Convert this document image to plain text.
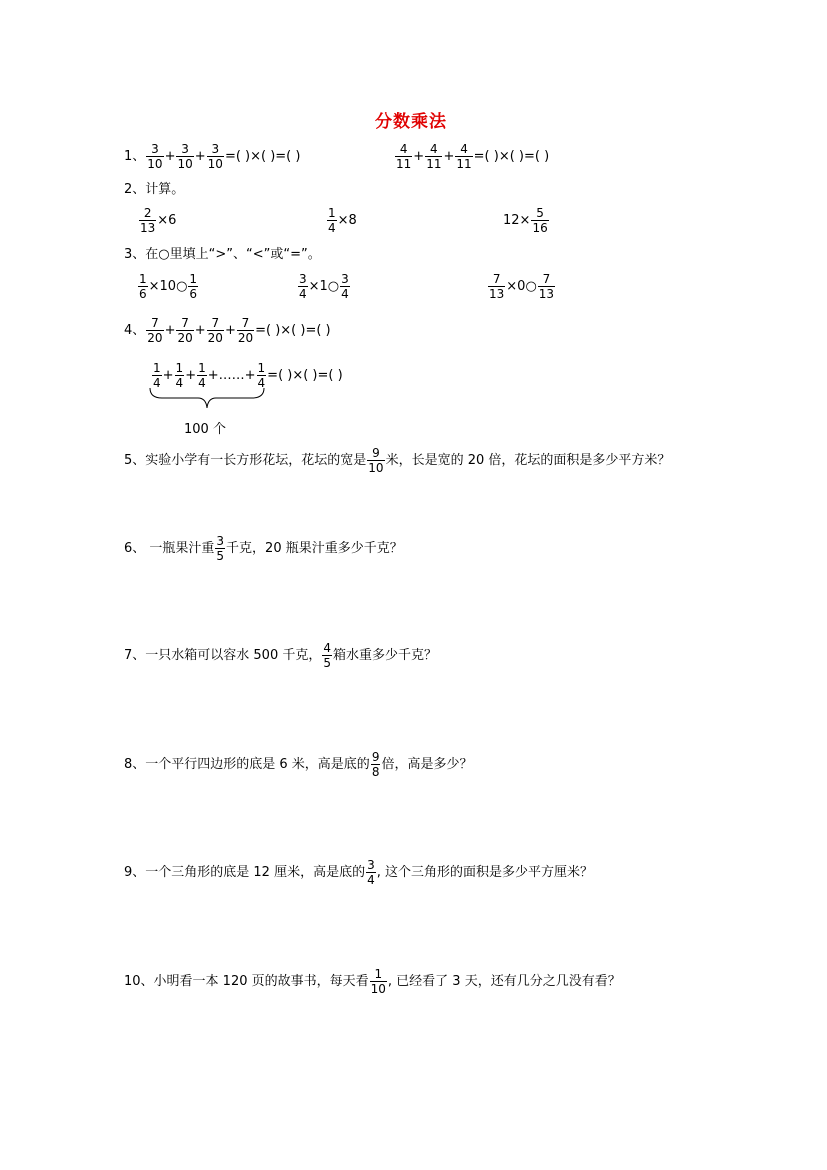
分数乘法
1、 $\frac{3}{10} + \frac{3}{10} + \frac{3}{10}$ =( )×( )=( )	$\frac{4}{11} + \frac{4}{11} + \frac{4}{11}$ =( )×( )=( )
2、计算。
$\frac{2}{13} \times 6$	$\frac{1}{4} \times 8$	$12\times \frac{5}{16}$
3、在○里填上“>”、“<”或“=”。
$\frac{1}{6}$ ×10○ $\frac{1}{6}$	$\frac{3}{4}$ ×1○ $\frac{3}{4}$	$\frac{7}{13}$ ×0○ $\frac{7}{13}$
4、 $\frac{7}{20} + \frac{7}{20} + \frac{7}{20} + \frac{7}{20}$ =( )×( )=( )
$\frac{1}{4} + \frac{1}{4} + \frac{1}{4}$ +……+ $\frac{1}{4}$ =( )×( )=( )
100 个
5、实验小学有一长方形花坛，花坛的宽是 $\frac{9}{10}$ 米，长是宽的 20 倍，花坛的面积是多少平方米？
6、 一瓶果汁重 $\frac{3}{5}$ 千克，20 瓶果汁重多少千克？
7、一只水箱可以容水 500 千克， $\frac{4}{5}$ 箱水重多少千克？
8、一个平行四边形的底是 6 米，高是底的 $\frac{9}{8}$ 倍，高是多少？
9、一个三角形的底是 12 厘米，高是底的 $\frac{3}{4}$ , 这个三角形的面积是多少平方厘米？
10、小明看一本 120 页的故事书，每天看 $\frac{1}{10}$ , 已经看了 3 天，还有几分之几没有看？
